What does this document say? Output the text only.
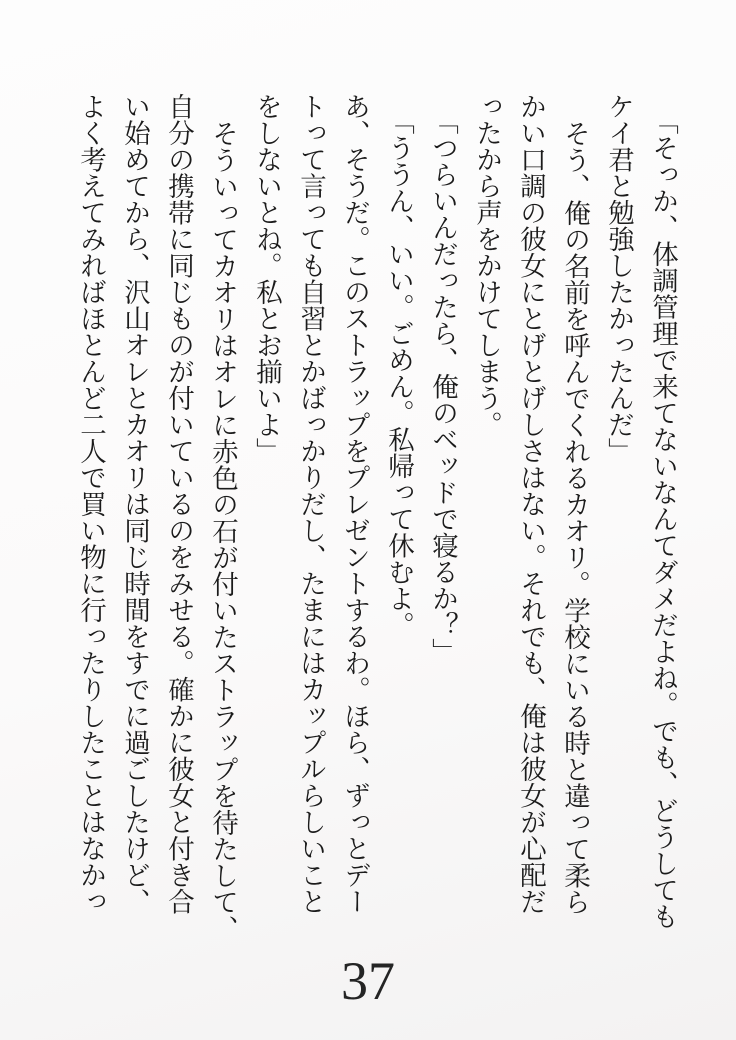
「そっか、体調管理で来てないなんてダメだよね。でも、どうしても

ケイ君と勉強したかったんだ」

そう、俺の名前を呼んでくれるカオリ。学校にいる時と違って柔ら

かい口調の彼女にとげとげしさはない。それでも、俺は彼女が心配だ

ったから声をかけてしまう。

「つらいんだったら、俺のベッドで寝るか？」

「ううん、いい。ごめん。私帰って休むよ。

あ、そうだ。このストラップをプレゼントするわ。ほら、ずっとデー

トって言っても自習とかばっかりだし、たまにはカップルらしいこと

をしないとね。私とお揃いよ」

そういってカオリはオレに赤色の石が付いたストラップを待たして、

自分の携帯に同じものが付いているのをみせる。確かに彼女と付き合

い始めてから、沢山オレとカオリは同じ時間をすでに過ごしたけど、

よく考えてみればほとんど二人で買い物に行ったりしたことはなかっ

37
